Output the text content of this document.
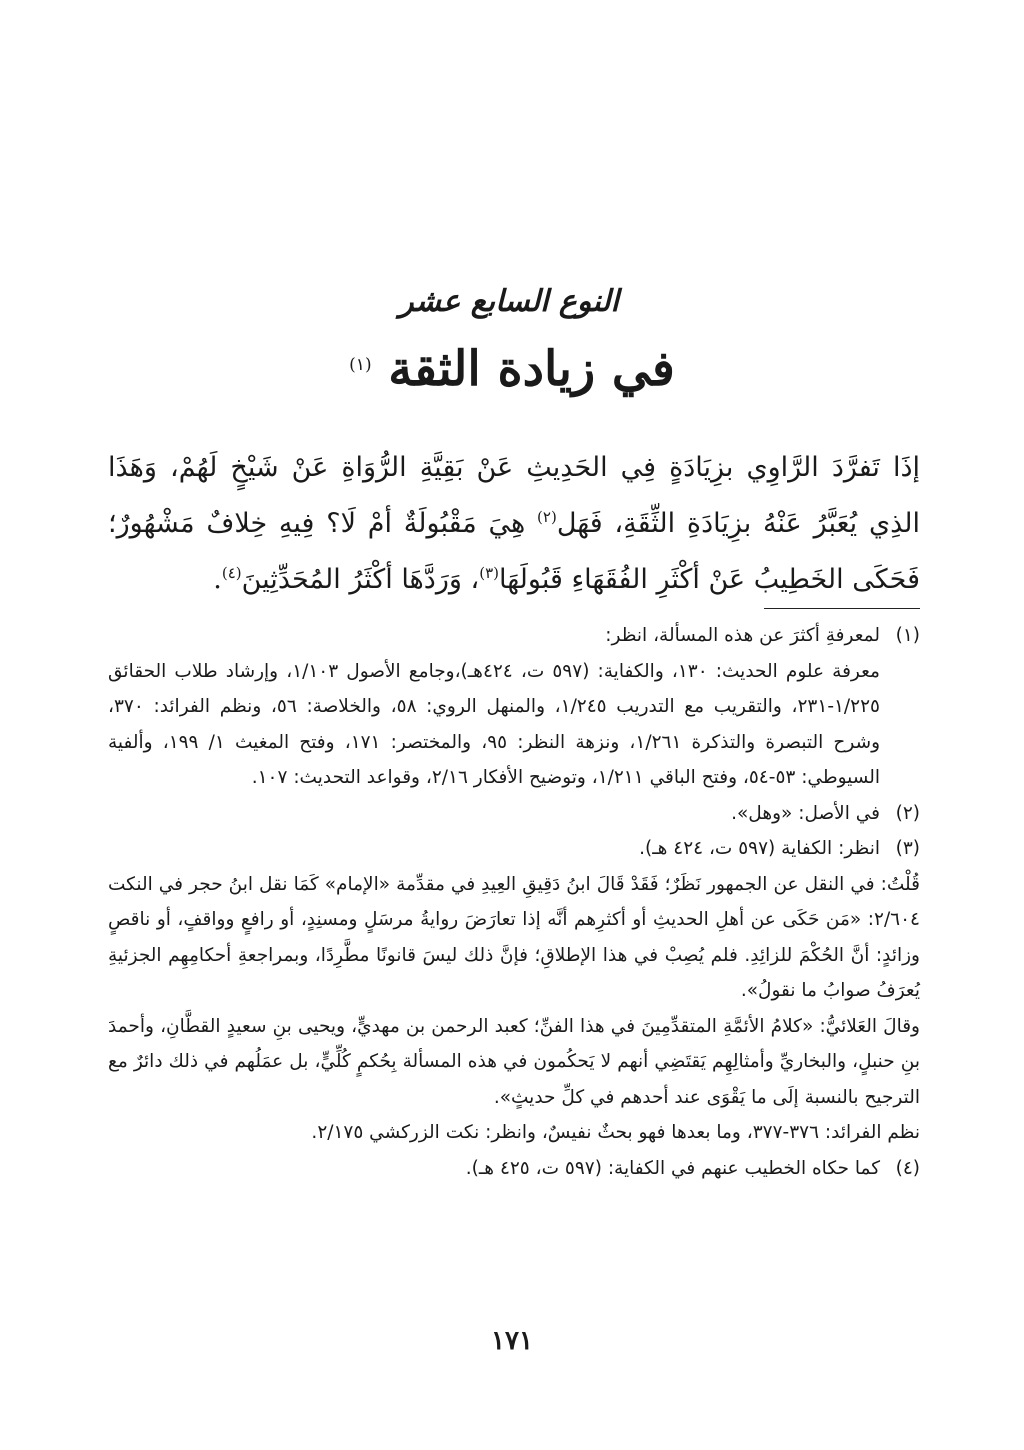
النوع السابع عشر
في زيادة الثقة $^{(١)}$
إذَا تَفرَّدَ الرَّاوِي بزِيَادَةٍ فِي الحَدِيثِ عَنْ بَقِيَّةِ الرُّوَاةِ عَنْ شَيْخٍ لَهُمْ، وَهَذَا الذِي يُعَبَّرُ عَنْهُ بزِيَادَةِ الثِّقَةِ، فَهَل$^{(٢)}$ هِيَ مَقْبُولَةٌ أمْ لَا؟ فِيهِ خِلافٌ مَشْهُورٌ؛ فَحَكَى الخَطِيبُ عَنْ أكْثَرِ الفُقَهَاءِ قَبُولَهَا$^{(٣)}$، وَرَدَّهَا أكْثَرُ المُحَدِّثِينَ$^{(٤)}$.
(١)
لمعرفةِ أكثرَ عن هذه المسألة، انظر:
معرفة علوم الحديث: ١٣٠، والكفاية: (٥٩٧ ت، ٤٢٤هـ)،وجامع الأصول ١/١٠٣، وإرشاد طلاب الحقائق ١/٢٢٥-٢٣١، والتقريب مع التدريب ١/٢٤٥، والمنهل الروي: ٥٨، والخلاصة: ٥٦، ونظم الفرائد: ٣٧٠، وشرح التبصرة والتذكرة ١/٢٦١، ونزهة النظر: ٩٥، والمختصر: ١٧١، وفتح المغيث ١/ ١٩٩، وألفية السيوطي: ٥٣-٥٤، وفتح الباقي ١/٢١١، وتوضيح الأفكار ٢/١٦، وقواعد التحديث: ١٠٧.
(٢)
في الأصل: «وهل».
(٣)
انظر: الكفاية (٥٩٧ ت، ٤٢٤ هـ).
قُلْتُ: في النقل عن الجمهور نَظَرٌ؛ فَقَدْ قَالَ ابنُ دَقِيقِ العِيدِ في مقدِّمة «الإمام» كَمَا نقل ابنُ حجر في النكت ٢/٦٠٤: «مَن حَكَى عن أهلِ الحديثِ أو أكثرِهم أنَّه إذا تعارَضَ روايةُ مرسَلٍ ومسنِدٍ، أو رافعٍ وواقفٍ، أو ناقصٍ وزائدٍ: أنَّ الحُكْمَ للزائِدِ. فلم يُصِبْ في هذا الإطلاقِ؛ فإنَّ ذلك ليسَ قانونًا مطَّرِدًا، وبمراجعةِ أحكامِهِم الجزئيةِ يُعرَفُ صوابُ ما نقولُ».
وقالَ العَلائيُّ: «كلامُ الأئمَّةِ المتقدِّمِينَ في هذا الفنِّ؛ كعبد الرحمن بن مهديٍّ، ويحيى بنِ سعيدٍ القطَّانِ، وأحمدَ بنِ حنبلٍ، والبخاريِّ وأمثالِهِم يَقتَضِي أنهم لا يَحكُمون في هذه المسألة بِحُكمٍ كُلِّيٍّ، بل عمَلُهم في ذلك دائرٌ مع الترجيح بالنسبة إلَى ما يَقْوَى عند أحدهم في كلِّ حديثٍ».
نظم الفرائد: ٣٧٦-٣٧٧، وما بعدها فهو بحثٌ نفيسٌ، وانظر: نكت الزركشي ٢/١٧٥.
(٤)
كما حكاه الخطيب عنهم في الكفاية: (٥٩٧ ت، ٤٢٥ هـ).
١٧١
